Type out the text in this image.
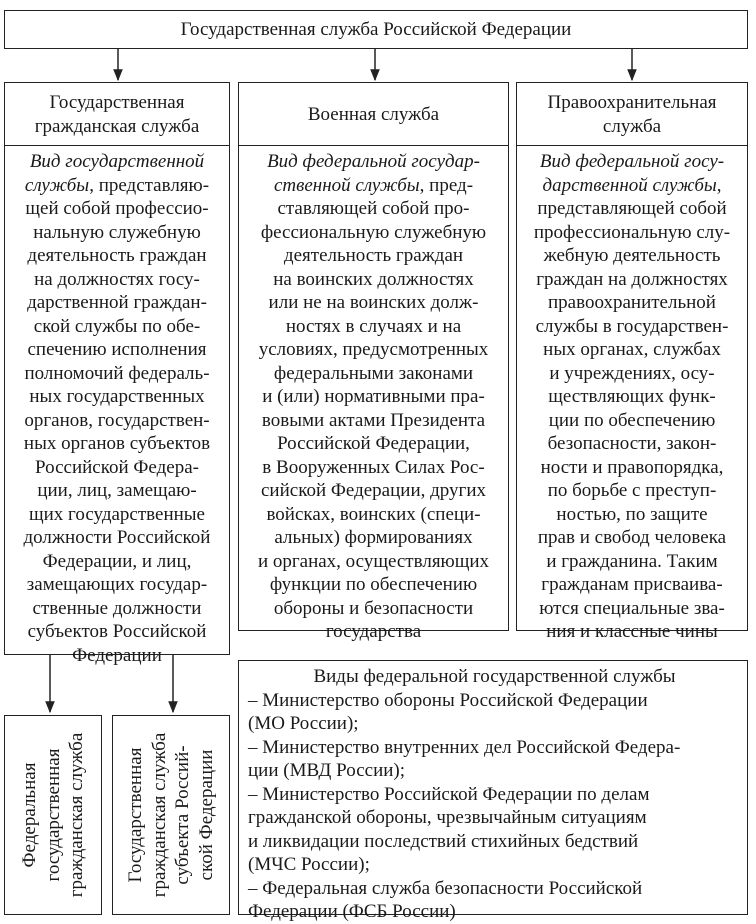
Государственная служба Российской Федерации
Государственная
гражданская служба
Вид государственной
службы, представляю-
щей собой профессио-
нальную служебную
деятельность граждан
на должностях госу-
дарственной граждан-
ской службы по обе-
спечению исполнения
полномочий федераль-
ных государственных
органов, государствен-
ных органов субъектов
Российской Федера-
ции, лиц, замещаю-
щих государственные
должности Российской
Федерации, и лиц,
замещающих государ-
ственные должности
субъектов Российской
Федерации
Военная служба
Вид федеральной государ-
ственной службы, пред-
ставляющей собой про-
фессиональную служебную
деятельность граждан
на воинских должностях
или не на воинских долж-
ностях в случаях и на
условиях, предусмотренных
федеральными законами
и (или) нормативными пра-
вовыми актами Президента
Российской Федерации,
в Вооруженных Силах Рос-
сийской Федерации, других
войсках, воинских (специ-
альных) формированиях
и органах, осуществляющих
функции по обеспечению
обороны и безопасности
государства
Правоохранительная
служба
Вид федеральной госу-
дарственной службы,
представляющей собой
профессиональную слу-
жебную деятельность
граждан на должностях
правоохранительной
службы в государствен-
ных органах, службах
и учреждениях, осу-
ществляющих функ-
ции по обеспечению
безопасности, закон-
ности и правопорядка,
по борьбе с преступ-
ностью, по защите
прав и свобод человека
и гражданина. Таким
гражданам присваива-
ются специальные зва-
ния и классные чины
Федеральная
государственная
гражданская служба Государственная гражданская служба
субъекта Россий-
ской Федерации
Виды федеральной государственной службы
– Министерство обороны Российской Федерации
(МО России);
– Министерство внутренних дел Российской Федера-
ции (МВД России);
– Министерство Российской Федерации по делам
гражданской обороны, чрезвычайным ситуациям
и ликвидации последствий стихийных бедствий
(МЧС России);
– Федеральная служба безопасности Российской
Федерации (ФСБ России)
